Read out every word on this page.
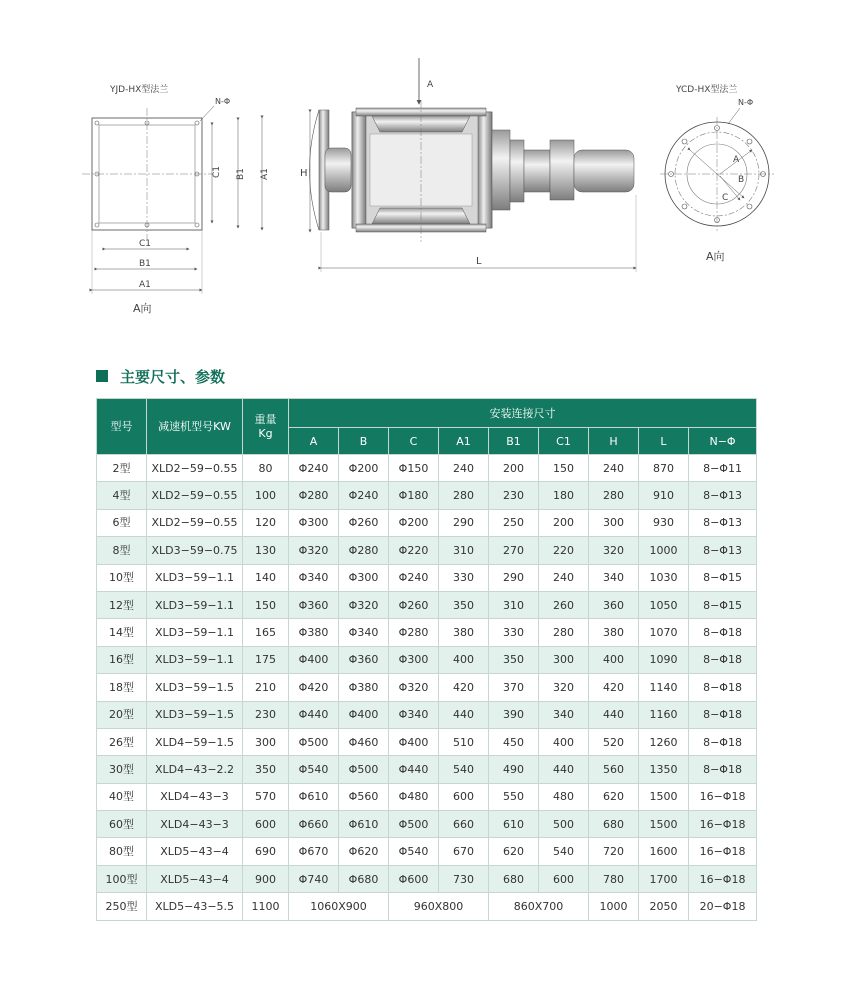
YJD-HX型法兰
N-Φ
C1 B1 A1
C1
B1
A1
A向
A
H
L
YCD-HX型法兰
N-Φ
A
B
C
A向
主要尺寸、参数
型号	减速机型号KW	重量
Kg	安装连接尺寸								
			A	B	C	A1	B1	C1	H	L	N−Φ
2型	XLD2−59−0.55	80	Φ240	Φ200	Φ150	240	200	150	240	870	8−Φ11
4型	XLD2−59−0.55	100	Φ280	Φ240	Φ180	280	230	180	280	910	8−Φ13
6型	XLD2−59−0.55	120	Φ300	Φ260	Φ200	290	250	200	300	930	8−Φ13
8型	XLD3−59−0.75	130	Φ320	Φ280	Φ220	310	270	220	320	1000	8−Φ13
10型	XLD3−59−1.1	140	Φ340	Φ300	Φ240	330	290	240	340	1030	8−Φ15
12型	XLD3−59−1.1	150	Φ360	Φ320	Φ260	350	310	260	360	1050	8−Φ15
14型	XLD3−59−1.1	165	Φ380	Φ340	Φ280	380	330	280	380	1070	8−Φ18
16型	XLD3−59−1.1	175	Φ400	Φ360	Φ300	400	350	300	400	1090	8−Φ18
18型	XLD3−59−1.5	210	Φ420	Φ380	Φ320	420	370	320	420	1140	8−Φ18
20型	XLD3−59−1.5	230	Φ440	Φ400	Φ340	440	390	340	440	1160	8−Φ18
26型	XLD4−59−1.5	300	Φ500	Φ460	Φ400	510	450	400	520	1260	8−Φ18
30型	XLD4−43−2.2	350	Φ540	Φ500	Φ440	540	490	440	560	1350	8−Φ18
40型	XLD4−43−3	570	Φ610	Φ560	Φ480	600	550	480	620	1500	16−Φ18
60型	XLD4−43−3	600	Φ660	Φ610	Φ500	660	610	500	680	1500	16−Φ18
80型	XLD5−43−4	690	Φ670	Φ620	Φ540	670	620	540	720	1600	16−Φ18
100型	XLD5−43−4	900	Φ740	Φ680	Φ600	730	680	600	780	1700	16−Φ18
250型	XLD5−43−5.5	1100	1060X900		960X800		860X700		1000	2050	20−Φ18
